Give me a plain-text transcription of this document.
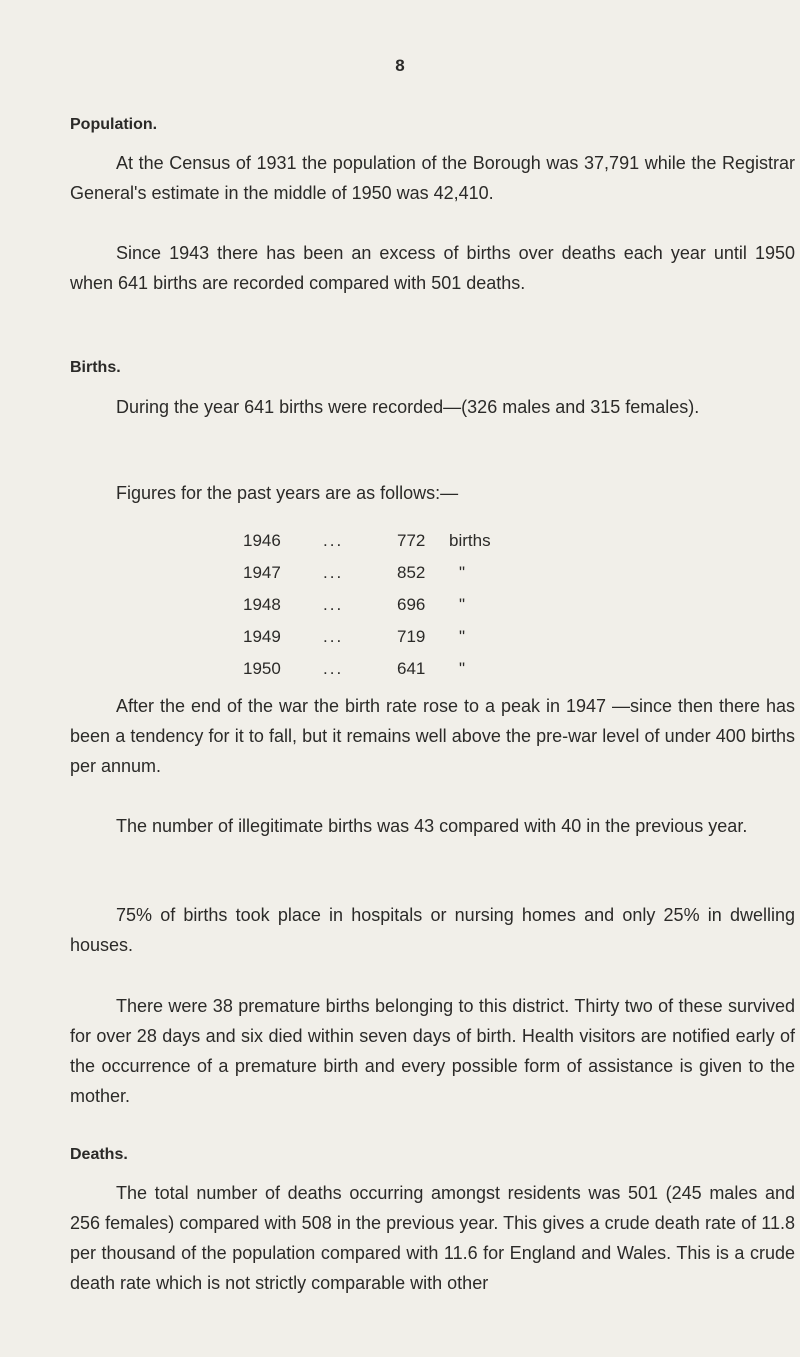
8
Population.

At the Census of 1931 the population of the Borough was 37,791 while the Registrar General's estimate in the middle of 1950 was 42,410.

Since 1943 there has been an excess of births over deaths each year until 1950 when 641 births are recorded compared with 501 deaths.

Births.

During the year 641 births were recorded—(326 males and 315 females).

Figures for the past years are as follows:—
1946	...	772	births
1947	...	852	"
1948	...	696	"
1949	...	719	"
1950	...	641	"

After the end of the war the birth rate rose to a peak in 1947 —since then there has been a tendency for it to fall, but it remains well above the pre-war level of under 400 births per annum.

The number of illegitimate births was 43 compared with 40 in the previous year.

75% of births took place in hospitals or nursing homes and only 25% in dwelling houses.

There were 38 premature births belonging to this district. Thirty two of these survived for over 28 days and six died within seven days of birth. Health visitors are notified early of the occurrence of a premature birth and every possible form of assistance is given to the mother.

Deaths.

The total number of deaths occurring amongst residents was 501 (245 males and 256 females) compared with 508 in the previous year. This gives a crude death rate of 11.8 per thousand of the population compared with 11.6 for England and Wales. This is a crude death rate which is not strictly comparable with other
